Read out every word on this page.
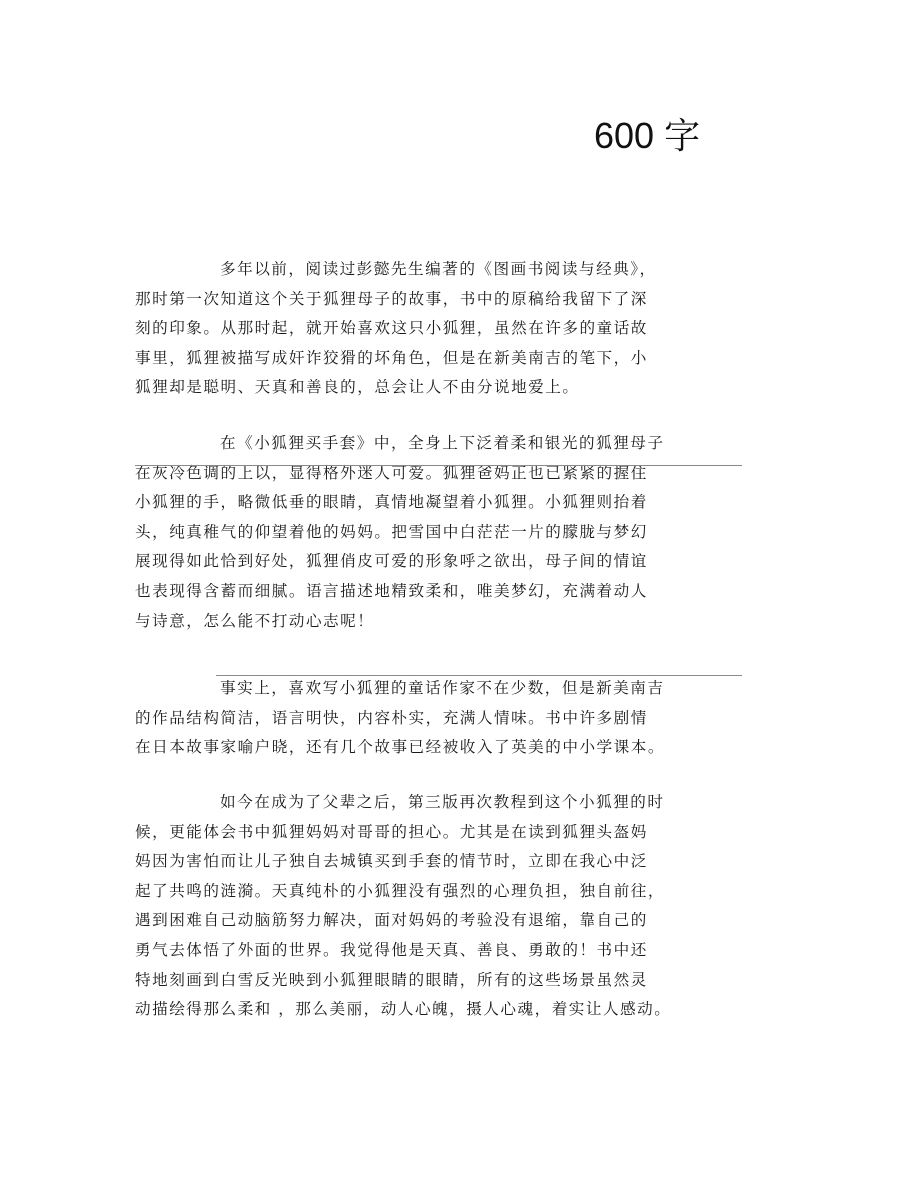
600 字

多年以前，阅读过彭懿先生编著的《图画书阅读与经典》，
那时第一次知道这个关于狐狸母子的故事，书中的原稿给我留下了深
刻的印象。从那时起，就开始喜欢这只小狐狸，虽然在许多的童话故
事里，狐狸被描写成奸诈狡猾的坏角色，但是在新美南吉的笔下，小
狐狸却是聪明、天真和善良的，总会让人不由分说地爱上。

在《小狐狸买手套》中，全身上下泛着柔和银光的狐狸母子
在灰冷色调的上以，显得格外迷人可爱。狐狸爸妈正也已紧紧的握住
小狐狸的手，略微低垂的眼睛，真情地凝望着小狐狸。小狐狸则抬着
头，纯真稚气的仰望着他的妈妈。把雪国中白茫茫一片的朦胧与梦幻
展现得如此恰到好处，狐狸俏皮可爱的形象呼之欲出，母子间的情谊
也表现得含蓄而细腻。语言描述地精致柔和，唯美梦幻，充满着动人
与诗意，怎么能不打动心志呢！

事实上，喜欢写小狐狸的童话作家不在少数，但是新美南吉
的作品结构简洁，语言明快，内容朴实，充满人情味。书中许多剧情
在日本故事家喻户晓，还有几个故事已经被收入了英美的中小学课本。

如今在成为了父辈之后，第三版再次教程到这个小狐狸的时
候，更能体会书中狐狸妈妈对哥哥的担心。尤其是在读到狐狸头盔妈
妈因为害怕而让儿子独自去城镇买到手套的情节时，立即在我心中泛
起了共鸣的涟漪。天真纯朴的小狐狸没有强烈的心理负担，独自前往，
遇到困难自己动脑筋努力解决，面对妈妈的考验没有退缩，靠自己的
勇气去体悟了外面的世界。我觉得他是天真、善良、勇敢的！书中还
特地刻画到白雪反光映到小狐狸眼睛的眼睛，所有的这些场景虽然灵
动描绘得那么柔和 ，那么美丽，动人心魄，摄人心魂，着实让人感动。
